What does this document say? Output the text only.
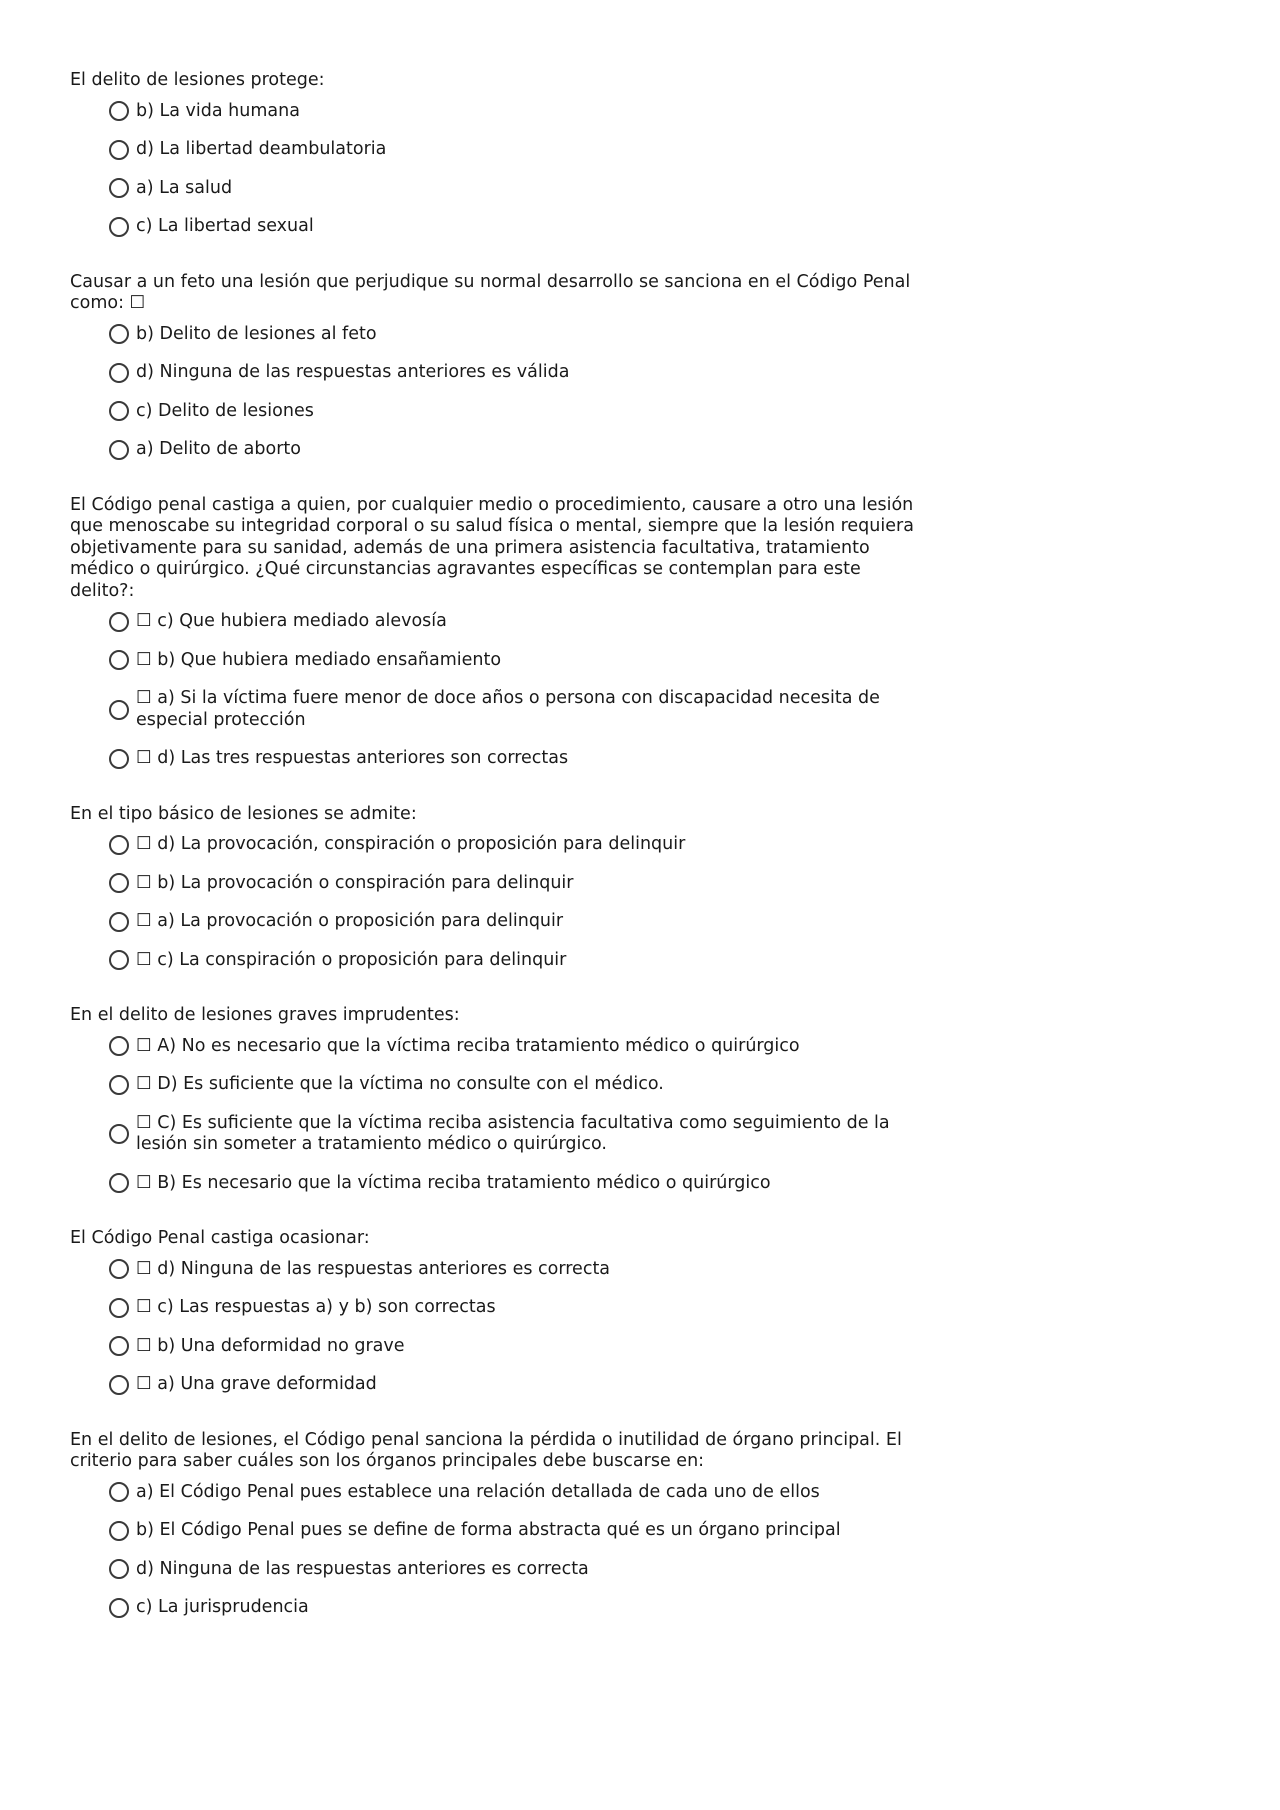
El delito de lesiones protege:
b) La vida humana
d) La libertad deambulatoria
a) La salud
c) La libertad sexual
Causar a un feto una lesión que perjudique su normal desarrollo se sanciona en el Código Penal
como: ☐
b) Delito de lesiones al feto
d) Ninguna de las respuestas anteriores es válida
c) Delito de lesiones
a) Delito de aborto
El Código penal castiga a quien, por cualquier medio o procedimiento, causare a otro una lesión
que menoscabe su integridad corporal o su salud física o mental, siempre que la lesión requiera
objetivamente para su sanidad, además de una primera asistencia facultativa, tratamiento
médico o quirúrgico. ¿Qué circunstancias agravantes específicas se contemplan para este
delito?:
☐ c) Que hubiera mediado alevosía
☐ b) Que hubiera mediado ensañamiento
☐ a) Si la víctima fuere menor de doce años o persona con discapacidad necesita de
especial protección
☐ d) Las tres respuestas anteriores son correctas
En el tipo básico de lesiones se admite:
☐ d) La provocación, conspiración o proposición para delinquir
☐ b) La provocación o conspiración para delinquir
☐ a) La provocación o proposición para delinquir
☐ c) La conspiración o proposición para delinquir
En el delito de lesiones graves imprudentes:
☐ A) No es necesario que la víctima reciba tratamiento médico o quirúrgico
☐ D) Es suficiente que la víctima no consulte con el médico.
☐ C) Es suficiente que la víctima reciba asistencia facultativa como seguimiento de la
lesión sin someter a tratamiento médico o quirúrgico.
☐ B) Es necesario que la víctima reciba tratamiento médico o quirúrgico
El Código Penal castiga ocasionar:
☐ d) Ninguna de las respuestas anteriores es correcta
☐ c) Las respuestas a) y b) son correctas
☐ b) Una deformidad no grave
☐ a) Una grave deformidad
En el delito de lesiones, el Código penal sanciona la pérdida o inutilidad de órgano principal. El
criterio para saber cuáles son los órganos principales debe buscarse en:
a) El Código Penal pues establece una relación detallada de cada uno de ellos
b) El Código Penal pues se define de forma abstracta qué es un órgano principal
d) Ninguna de las respuestas anteriores es correcta
c) La jurisprudencia
